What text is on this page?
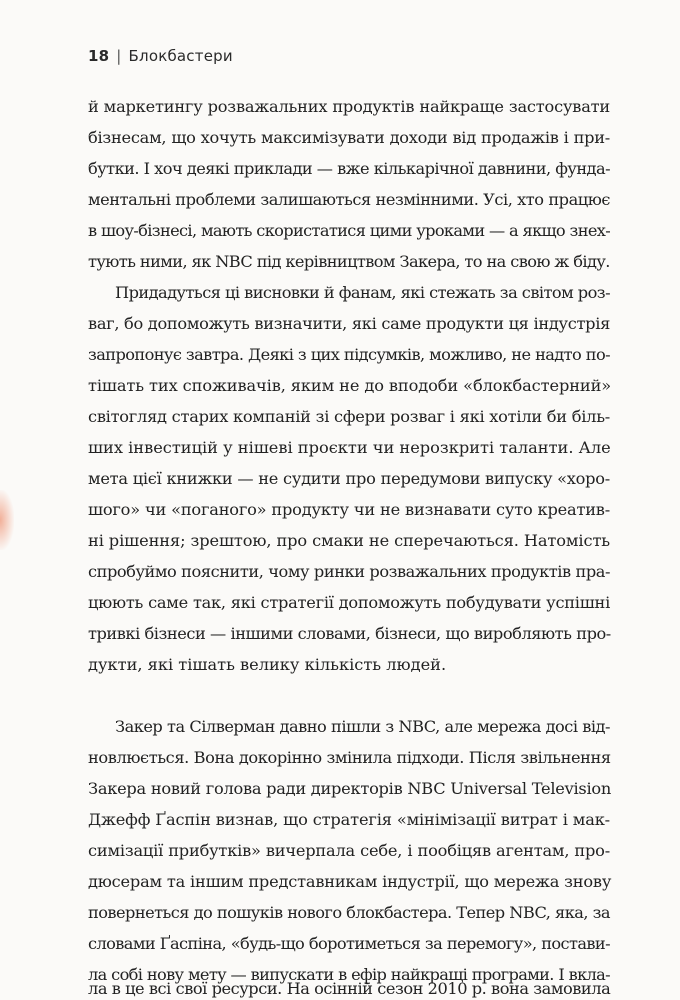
18 | Блокбастери
й маркетингу розважальних продуктів найкраще застосувати
бізнесам, що хочуть максимізувати доходи від продажів і при-
бутки. І хоч деякі приклади — вже кількарічної давнини, фунда-
ментальні проблеми залишаються незмінними. Усі, хто працює
в шоу-бізнесі, мають скористатися цими уроками — а якщо знех-
тують ними, як NBC під керівництвом Закера, то на свою ж біду.
Придадуться ці висновки й фанам, які стежать за світом роз-
ваг, бо допоможуть визначити, які саме продукти ця індустрія
запропонує завтра. Деякі з цих підсумків, можливо, не надто по-
тішать тих споживачів, яким не до вподоби «блокбастерний»
світогляд старих компаній зі сфери розваг і які хотіли би біль-
ших інвестицій у нішеві проєкти чи нерозкриті таланти. Але
мета цієї книжки — не судити про передумови випуску «хоро-
шого» чи «поганого» продукту чи не визнавати суто креатив-
ні рішення; зрештою, про смаки не сперечаються. Натомість
спробуймо пояснити, чому ринки розважальних продуктів пра-
цюють саме так, які стратегії допоможуть побудувати успішні
тривкі бізнеси — іншими словами, бізнеси, що виробляють про-
дукти, які тішать велику кількість людей.
Закер та Сілверман давно пішли з NBC, але мережа досі від-
новлюється. Вона докорінно змінила підходи. Після звільнення
Закера новий голова ради директорів NBC Universal Television
Джефф Ґаспін визнав, що стратегія «мінімізації витрат і мак-
симізації прибутків» вичерпала себе, і пообіцяв агентам, про-
дюсерам та іншим представникам індустрії, що мережа знову
повернеться до пошуків нового блокбастера. Тепер NBC, яка, за
словами Ґаспіна, «будь-що боротиметься за перемогу», постави-
ла собі нову мету — випускати в ефір найкращі програми. І вкла-
ла в це всі свої ресурси. На осінній сезон 2010 р. вона замовила
